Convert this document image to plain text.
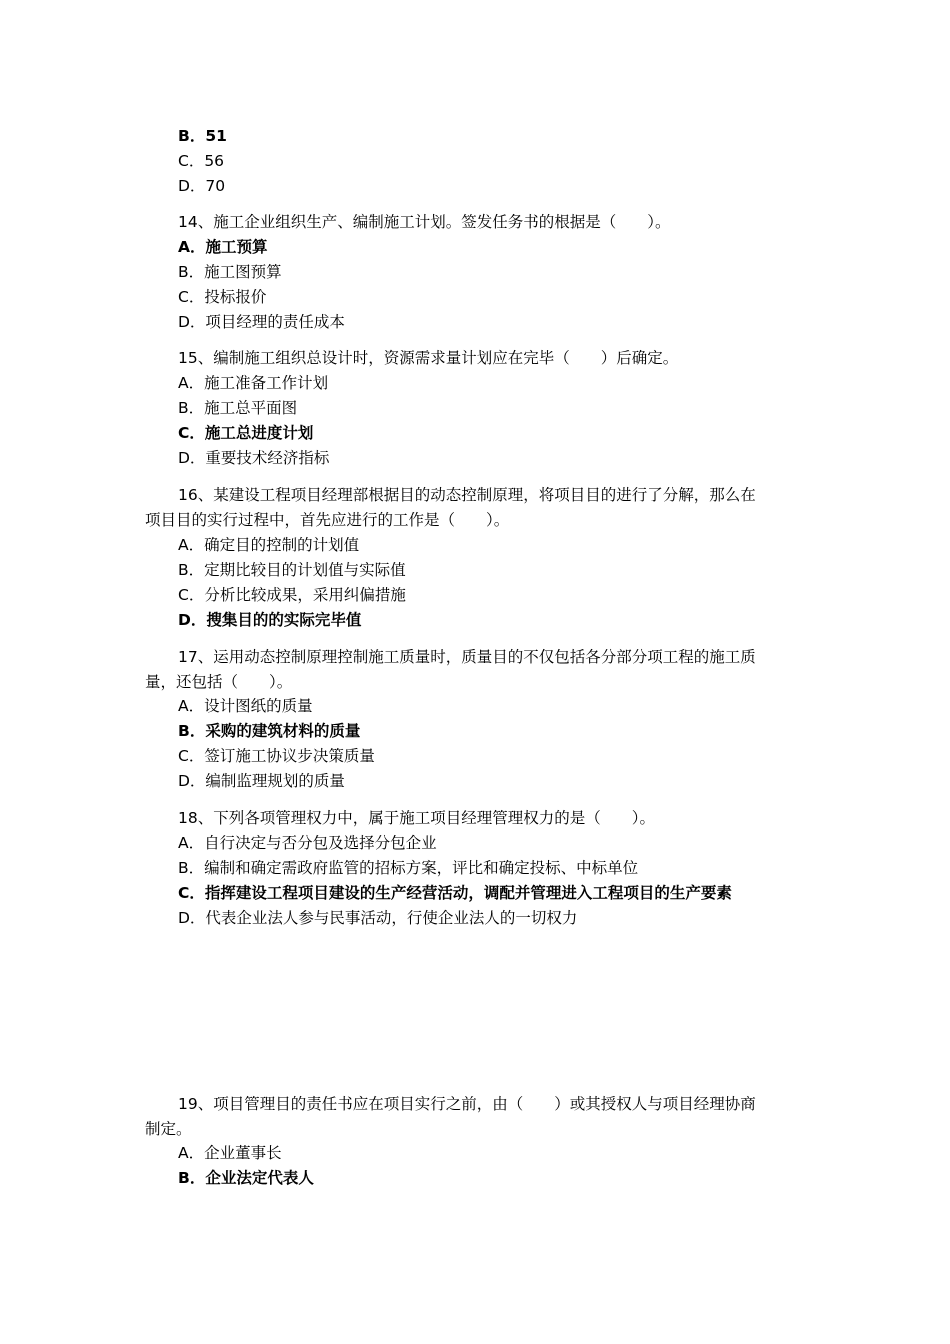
B．51
C．56
D．70
14、施工企业组织生产、编制施工计划。签发任务书的根据是（　　）。
A．施工预算
B．施工图预算
C．投标报价
D．项目经理的责任成本
15、编制施工组织总设计时，资源需求量计划应在完毕（　　）后确定。
A．施工准备工作计划
B．施工总平面图
C．施工总进度计划
D．重要技术经济指标
16、某建设工程项目经理部根据目的动态控制原理，将项目目的进行了分解，那么在
项目目的实行过程中，首先应进行的工作是（　　）。
A．确定目的控制的计划值
B．定期比较目的计划值与实际值
C．分析比较成果，采用纠偏措施
D．搜集目的的实际完毕值
17、运用动态控制原理控制施工质量时，质量目的不仅包括各分部分项工程的施工质
量，还包括（　　）。
A．设计图纸的质量
B．采购的建筑材料的质量
C．签订施工协议步决策质量
D．编制监理规划的质量
18、下列各项管理权力中，属于施工项目经理管理权力的是（　　）。
A．自行决定与否分包及选择分包企业
B．编制和确定需政府监管的招标方案，评比和确定投标、中标单位
C．指挥建设工程项目建设的生产经营活动，调配并管理进入工程项目的生产要素
D．代表企业法人参与民事活动，行使企业法人的一切权力
19、项目管理目的责任书应在项目实行之前，由（　　）或其授权人与项目经理协商
制定。
A．企业董事长
B．企业法定代表人
